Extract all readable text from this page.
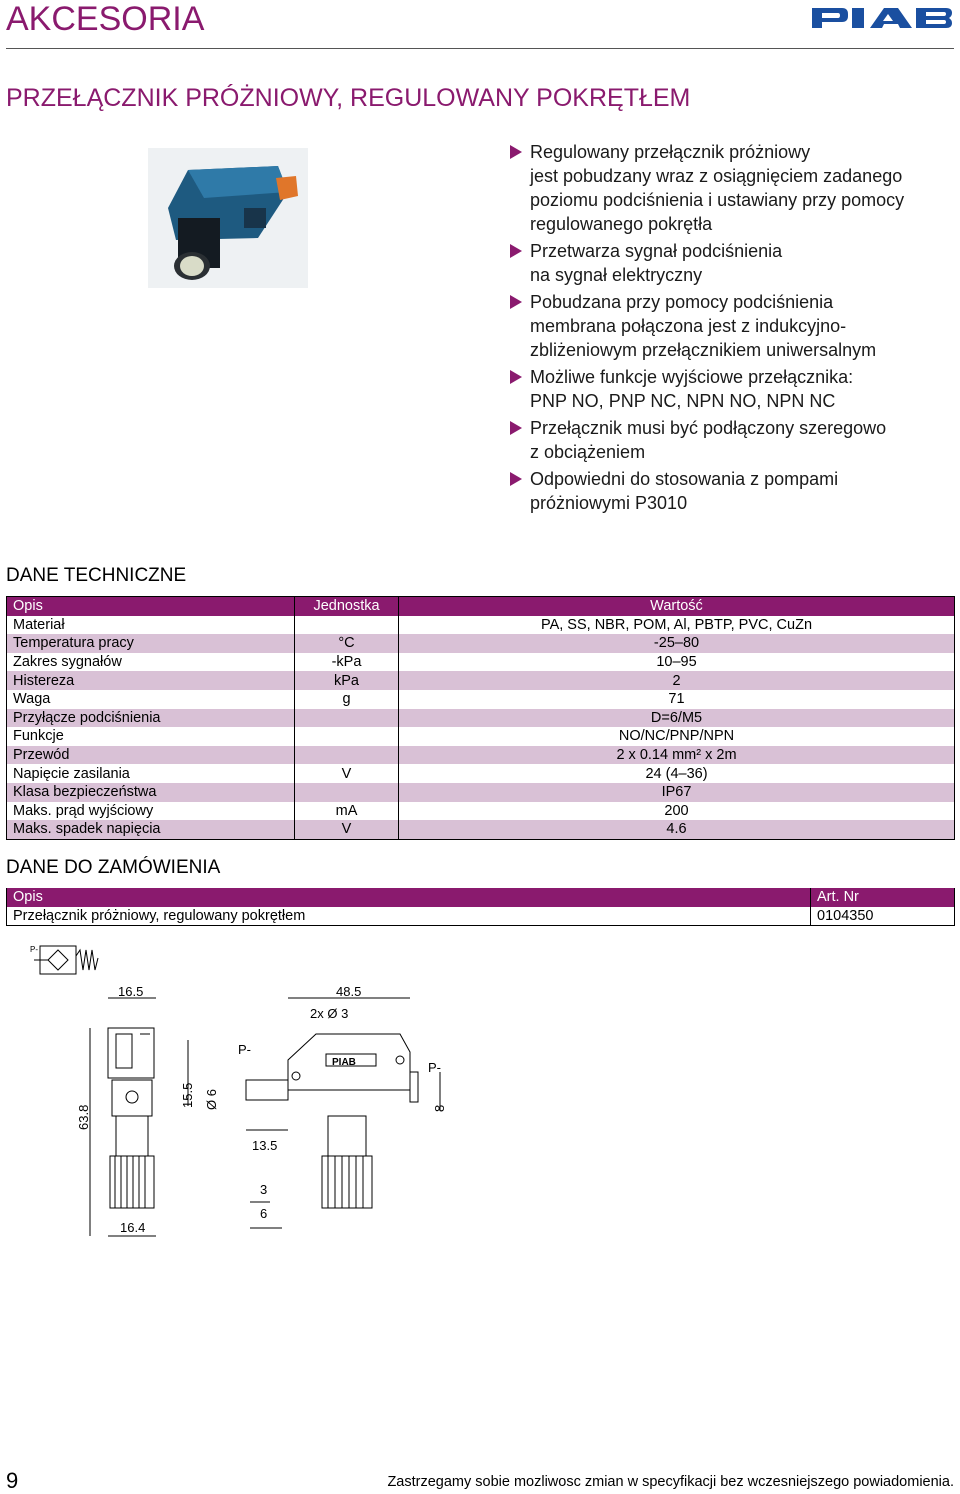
AKCESORIA
PRZEŁĄCZNIK PRÓŻNIOWY, REGULOWANY POKRĘTŁEM
Regulowany przełącznik próżniowy
jest pobudzany wraz z osiągnięciem zadanego
poziomu podciśnienia i ustawiany przy pomocy
regulowanego pokrętła
Przetwarza sygnał podciśnienia
na sygnał elektryczny
Pobudzana przy pomocy podciśnienia
membrana połączona jest z indukcyjno-
zbliżeniowym przełącznikiem uniwersalnym
Możliwe funkcje wyjściowe przełącznika:
PNP NO, PNP NC, NPN NO, NPN NC
Przełącznik musi być podłączony szeregowo
z obciążeniem
Odpowiedni do stosowania z pompami
próżniowymi P3010
DANE TECHNICZNE
Opis	Jednostka	Wartość
Materiał		PA, SS, NBR, POM, Al, PBTP, PVC, CuZn
Temperatura pracy	°C	-25–80
Zakres sygnałów	-kPa	10–95
Histereza	kPa	2
Waga	g	71
Przyłącze podciśnienia		D=6/M5
Funkcje		NO/NC/PNP/NPN
Przewód		2 x 0.14 mm² x 2m
Napięcie zasilania	V	24 (4–36)
Klasa bezpieczeństwa		IP67
Maks. prąd wyjściowy	mA	200
Maks. spadek napięcia	V	4.6
DANE DO ZAMÓWIENIA
Opis	Art. Nr
Przełącznik próżniowy, regulowany pokrętłem	0104350
P-
16.5
63.8
16.4
15.5 Ø 6
48.5
2x Ø 3
P-
P-
PIAB
8
13.5
3
6
9	Zastrzegamy sobie mozliwosc zmian w specyfikacji bez wczesniejszego powiadomienia.
